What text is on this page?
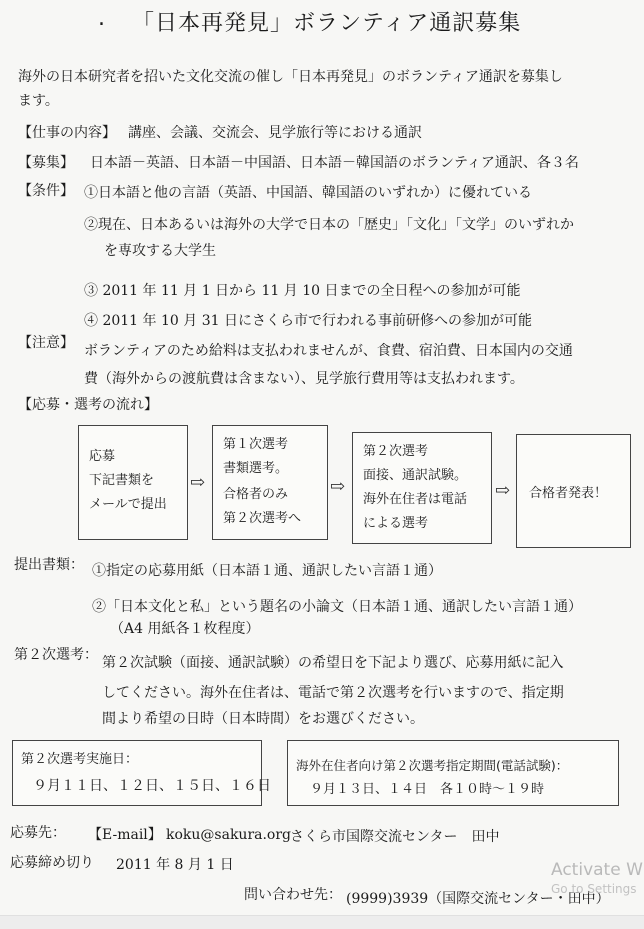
. 「日本再発見」ボランティア通訳募集
海外の日本研究者を招いた文化交流の催し「日本再発見」のボランティア通訳を募集し
ます。
【仕事の内容】 講座、会議、交流会、見学旅行等における通訳
【募集】 日本語－英語、日本語－中国語、日本語－韓国語のボランティア通訳、各３名
【条件】 ①日本語と他の言語（英語、中国語、韓国語のいずれか）に優れている
②現在、日本あるいは海外の大学で日本の「歴史」「文化」「文学」のいずれか
を専攻する大学生
③ 2011 年 11 月 1 日から 11 月 10 日までの全日程への参加が可能
④ 2011 年 10 月 31 日にさくら市で行われる事前研修への参加が可能
【注意】 ボランティアのため給料は支払われませんが、食費、宿泊費、日本国内の交通
費（海外からの渡航費は含まない）、見学旅行費用等は支払われます。
【応募・選考の流れ】
応募
下記書類を
メールで提出
⇨
第１次選考
書類選考。
合格者のみ
第２次選考へ
⇨
第２次選考
面接、通訳試験。
海外在住者は電話
による選考
⇨ 合格者発表！
提出書類： ①指定の応募用紙（日本語１通、通訳したい言語１通）
②「日本文化と私」という題名の小論文（日本語１通、通訳したい言語１通）
（A4 用紙各１枚程度）
第２次選考： 第２次試験（面接、通訳試験）の希望日を下記より選び、応募用紙に記入
してください。海外在住者は、電話で第２次選考を行いますので、指定期
間より希望の日時（日本時間）をお選びください。
第２次選考実施日：
９月１１日、１２日、１５日、１６日
海外在住者向け第２次選考指定期間(電話試験)：
９月１３日、１４日　各１０時～１９時
応募先： 【E-mail】 koku@sakura.org
さくら市国際交流センター　田中
応募締め切り 2011 年 8 月 1 日
問い合わせ先： (9999)3939（国際交流センター・田中）
Activate W
Go to Settings
